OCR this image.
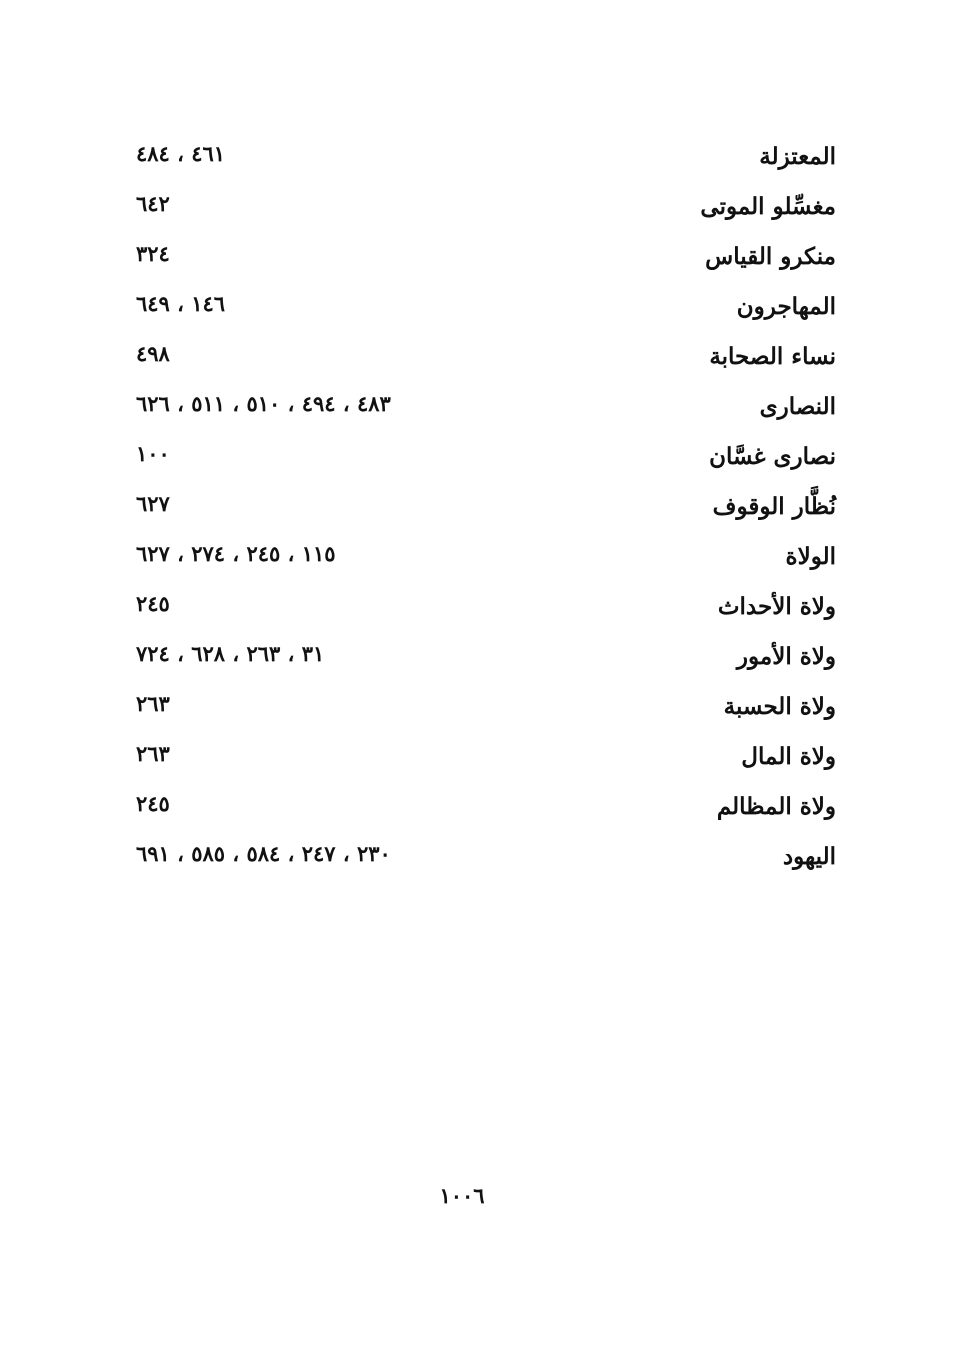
المعتزلة
٤٦١ ، ٤٨٤
مغسِّلو الموتى
٦٤٢
منكرو القياس
٣٢٤
المهاجرون
١٤٦ ، ٦٤٩
نساء الصحابة
٤٩٨
النصارى
٤٨٣ ، ٤٩٤ ، ٥١٠ ، ٥١١ ، ٦٢٦
نصارى غسَّان
١٠٠
نُظَّار الوقوف
٦٢٧
الولاة
١١٥ ، ٢٤٥ ، ٢٧٤ ، ٦٢٧
ولاة الأحداث
٢٤٥
ولاة الأمور
٣١ ، ٢٦٣ ، ٦٢٨ ، ٧٢٤
ولاة الحسبة
٢٦٣
ولاة المال
٢٦٣
ولاة المظالم
٢٤٥
اليهود
٢٣٠ ، ٢٤٧ ، ٥٨٤ ، ٥٨٥ ، ٦٩١
١٠٠٦
